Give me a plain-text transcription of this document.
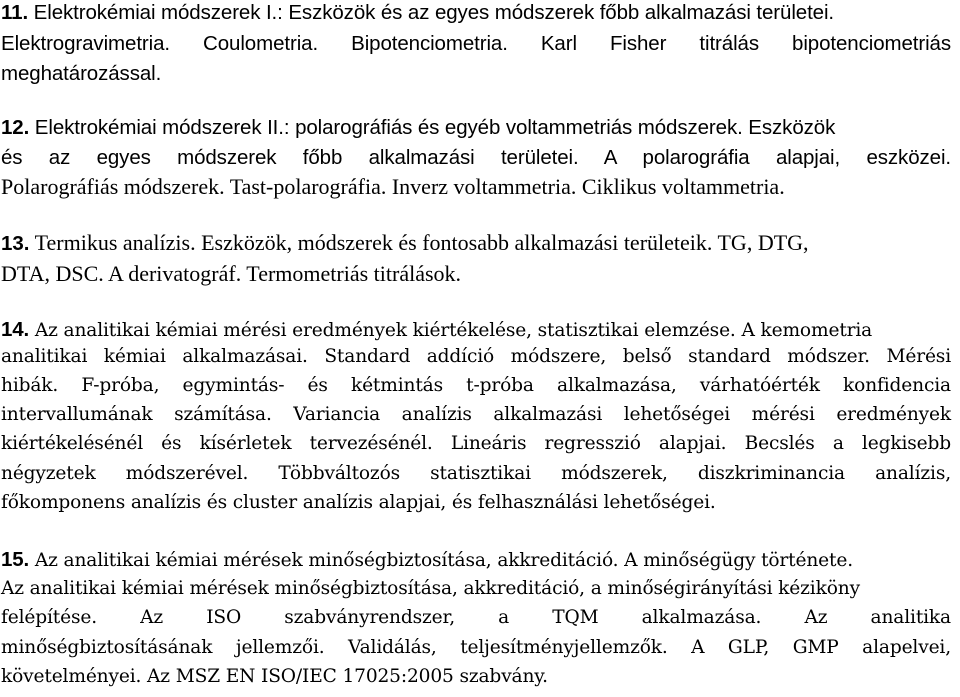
11. Elektrokémiai módszerek I.: Eszközök és az egyes módszerek főbb alkalmazási területei.

Elektrogravimetria. Coulometria. Bipotenciometria. Karl Fisher titrálás bipotenciometriás

meghatározással.

12. Elektrokémiai módszerek II.: polarográfiás és egyéb voltammetriás módszerek. Eszközök

és az egyes módszerek főbb alkalmazási területei. A polarográfia alapjai, eszközei.

Polarográfiás módszerek. Tast-polarográfia. Inverz voltammetria. Ciklikus voltammetria.

13. Termikus analízis. Eszközök, módszerek és fontosabb alkalmazási területeik. TG, DTG,

DTA, DSC. A derivatográf. Termometriás titrálások.

14. Az analitikai kémiai mérési eredmények kiértékelése, statisztikai elemzése. A kemometria

analitikai kémiai alkalmazásai. Standard addíció módszere, belső standard módszer. Mérési

hibák. F-próba, egymintás- és kétmintás t-próba alkalmazása, várhatóérték konfidencia

intervallumának számítása. Variancia analízis alkalmazási lehetőségei mérési eredmények

kiértékelésénél és kísérletek tervezésénél. Lineáris regresszió alapjai. Becslés a legkisebb

négyzetek módszerével. Többváltozós statisztikai módszerek, diszkriminancia analízis,

főkomponens analízis és cluster analízis alapjai, és felhasználási lehetőségei.

15. Az analitikai kémiai mérések minőségbiztosítása, akkreditáció. A minőségügy története.

Az analitikai kémiai mérések minőségbiztosítása, akkreditáció, a minőségirányítási kéziköny

felépítése. Az ISO szabványrendszer, a TQM alkalmazása. Az analitika

minőségbiztosításának jellemzői. Validálás, teljesítményjellemzők. A GLP, GMP alapelvei,

követelményei. Az MSZ EN ISO/IEC 17025:2005 szabvány.
